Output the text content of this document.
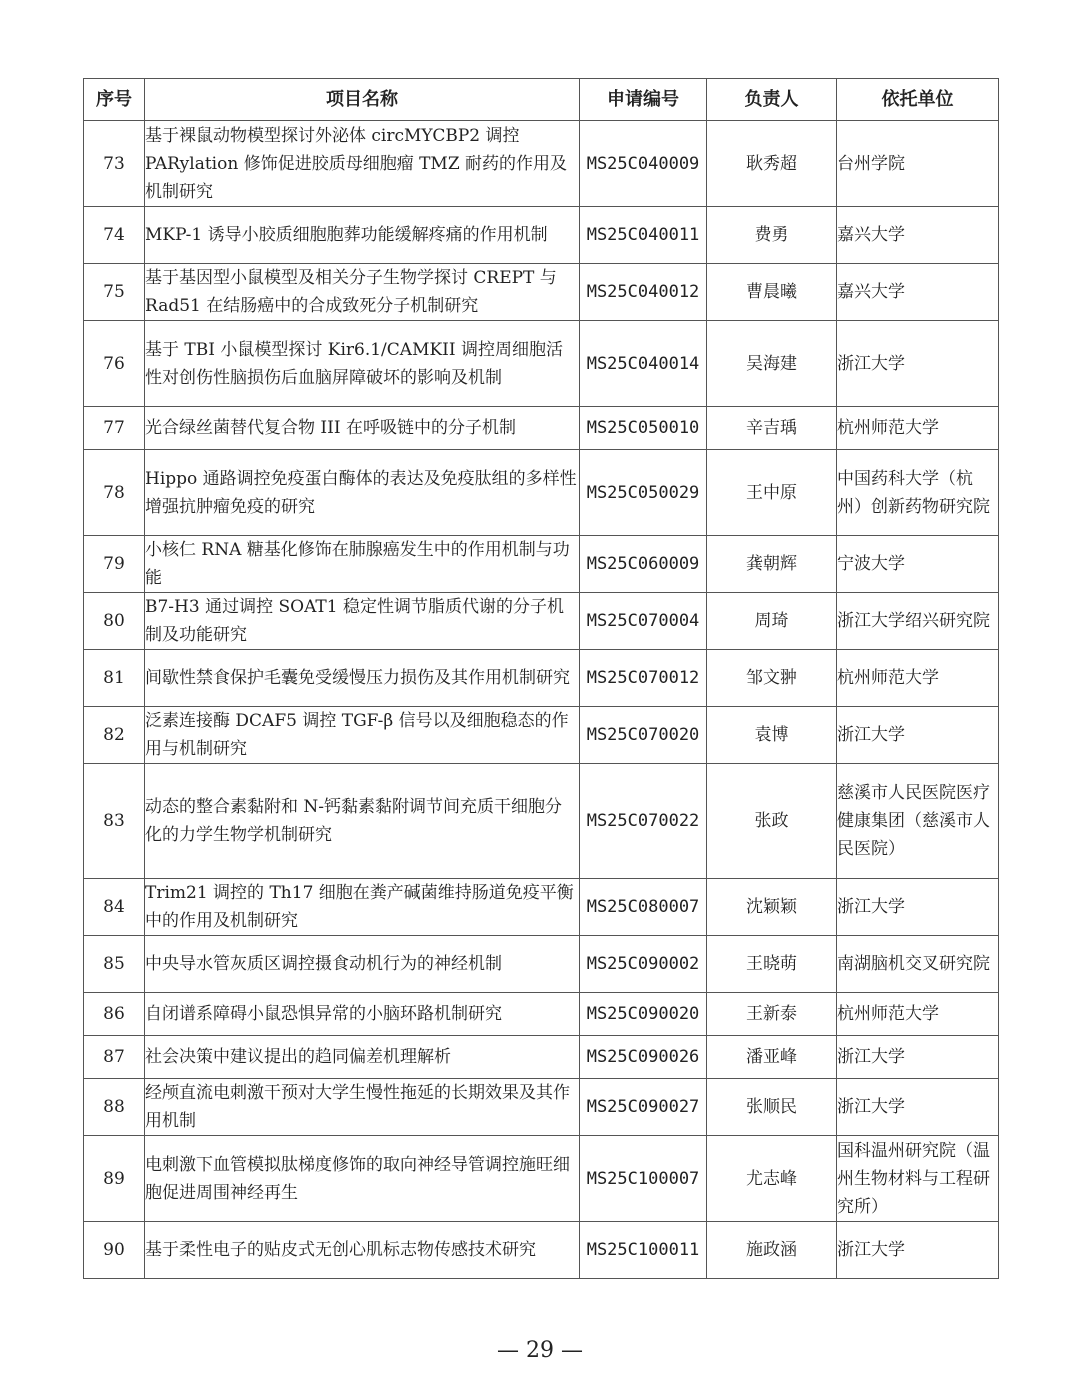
序号	项目名称	申请编号	负责人	依托单位
73	基于裸鼠动物模型探讨外泌体 circMYCBP2 调控 PARylation 修饰促进胶质母细胞瘤 TMZ 耐药的作用及机制研究	MS25C040009	耿秀超	台州学院
74	MKP-1 诱导小胶质细胞胞葬功能缓解疼痛的作用机制	MS25C040011	费勇	嘉兴大学
75	基于基因型小鼠模型及相关分子生物学探讨 CREPT 与 Rad51 在结肠癌中的合成致死分子机制研究	MS25C040012	曹晨曦	嘉兴大学
76	基于 TBI 小鼠模型探讨 Kir6.1/CAMKII 调控周细胞活性对创伤性脑损伤后血脑屏障破坏的影响及机制	MS25C040014	吴海建	浙江大学
77	光合绿丝菌替代复合物 III 在呼吸链中的分子机制	MS25C050010	辛吉瑀	杭州师范大学
78	Hippo 通路调控免疫蛋白酶体的表达及免疫肽组的多样性增强抗肿瘤免疫的研究	MS25C050029	王中原	中国药科大学（杭州）创新药物研究院
79	小核仁 RNA 糖基化修饰在肺腺癌发生中的作用机制与功能	MS25C060009	龚朝辉	宁波大学
80	B7-H3 通过调控 SOAT1 稳定性调节脂质代谢的分子机制及功能研究	MS25C070004	周琦	浙江大学绍兴研究院
81	间歇性禁食保护毛囊免受缓慢压力损伤及其作用机制研究	MS25C070012	邹文翀	杭州师范大学
82	泛素连接酶 DCAF5 调控 TGF-β 信号以及细胞稳态的作用与机制研究	MS25C070020	袁博	浙江大学
83	动态的整合素黏附和 N-钙黏素黏附调节间充质干细胞分化的力学生物学机制研究	MS25C070022	张政	慈溪市人民医院医疗健康集团（慈溪市人民医院）
84	Trim21 调控的 Th17 细胞在粪产碱菌维持肠道免疫平衡中的作用及机制研究	MS25C080007	沈颖颖	浙江大学
85	中央导水管灰质区调控摄食动机行为的神经机制	MS25C090002	王晓萌	南湖脑机交叉研究院
86	自闭谱系障碍小鼠恐惧异常的小脑环路机制研究	MS25C090020	王新泰	杭州师范大学
87	社会决策中建议提出的趋同偏差机理解析	MS25C090026	潘亚峰	浙江大学
88	经颅直流电刺激干预对大学生慢性拖延的长期效果及其作用机制	MS25C090027	张顺民	浙江大学
89	电刺激下血管模拟肽梯度修饰的取向神经导管调控施旺细胞促进周围神经再生	MS25C100007	尤志峰	国科温州研究院（温州生物材料与工程研究所）
90	基于柔性电子的贴皮式无创心肌标志物传感技术研究	MS25C100011	施政涵	浙江大学
— 29 —
